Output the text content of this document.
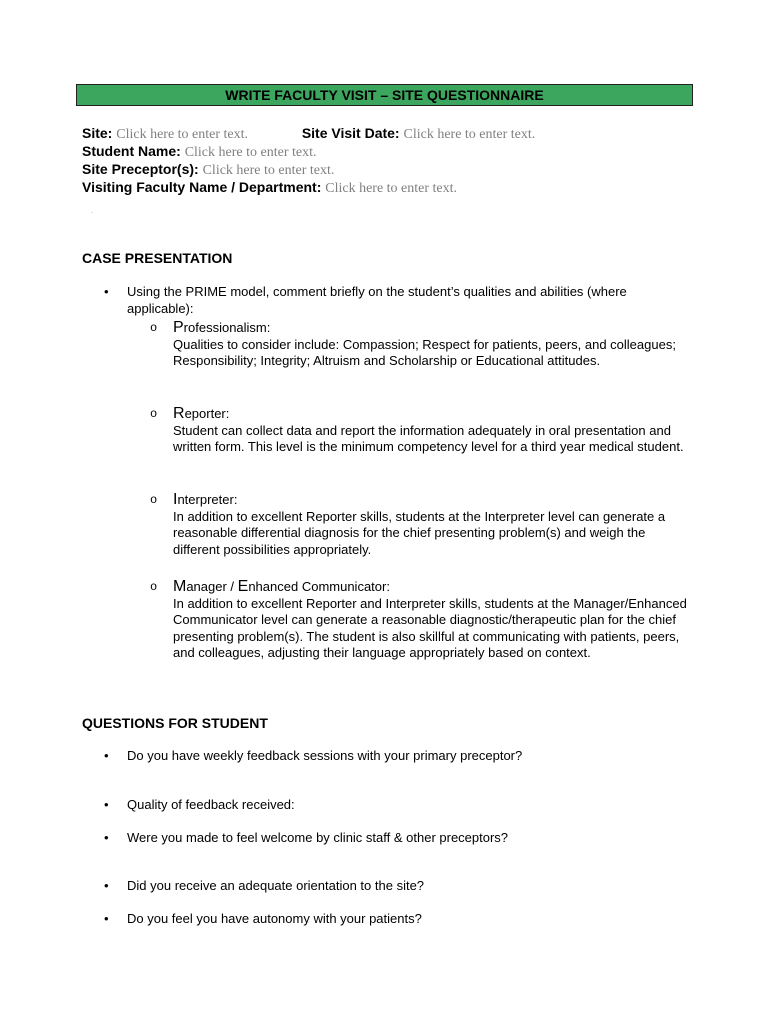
WRITE FACULTY VISIT – SITE QUESTIONNAIRE
Site: Click here to enter text.	Site Visit Date: Click here to enter text.
Student Name: Click here to enter text.
Site Preceptor(s): Click here to enter text.
Visiting Faculty Name / Department: Click here to enter text.
.
CASE PRESENTATION
• Using the PRIME model, comment briefly on the student’s qualities and abilities (where applicable):
o Professionalism:
Qualities to consider include: Compassion; Respect for patients, peers, and colleagues; Responsibility; Integrity; Altruism and Scholarship or Educational attitudes.
o Reporter:
Student can collect data and report the information adequately in oral presentation and written form. This level is the minimum competency level for a third year medical student.
o Interpreter:
In addition to excellent Reporter skills, students at the Interpreter level can generate a reasonable differential diagnosis for the chief presenting problem(s) and weigh the different possibilities appropriately.
o Manager / Enhanced Communicator:
In addition to excellent Reporter and Interpreter skills, students at the Manager/Enhanced Communicator level can generate a reasonable diagnostic/therapeutic plan for the chief presenting problem(s). The student is also skillful at communicating with patients, peers, and colleagues, adjusting their language appropriately based on context.
QUESTIONS FOR STUDENT
• Do you have weekly feedback sessions with your primary preceptor?
• Quality of feedback received:
• Were you made to feel welcome by clinic staff & other preceptors?
• Did you receive an adequate orientation to the site?
• Do you feel you have autonomy with your patients?
